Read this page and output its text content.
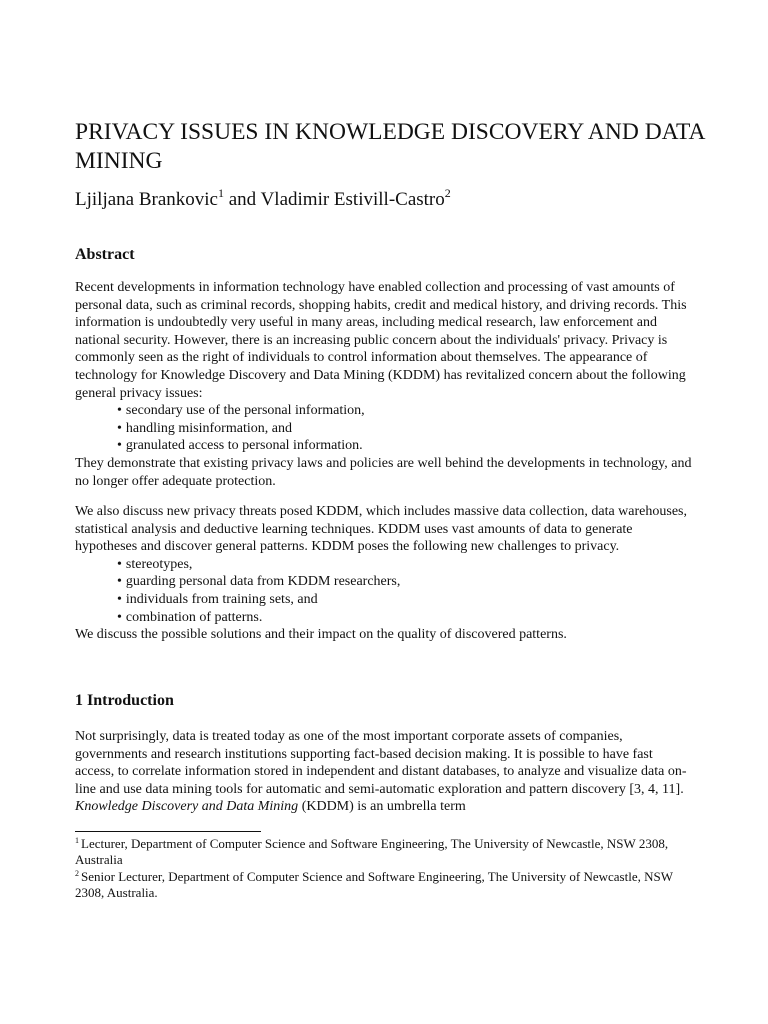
PRIVACY ISSUES IN KNOWLEDGE DISCOVERY AND DATA MINING
Ljiljana Brankovic$^1$ and Vladimir Estivill-Castro$^2$
Abstract

Recent developments in information technology have enabled collection and processing of vast amounts of personal data, such as criminal records, shopping habits, credit and medical history, and driving records. This information is undoubtedly very useful in many areas, including medical research, law enforcement and national security. However, there is an increasing public concern about the individuals' privacy. Privacy is commonly seen as the right of individuals to control information about themselves. The appearance of technology for Knowledge Discovery and Data Mining (KDDM) has revitalized concern about the following general privacy issues:

• secondary use of the personal information,
• handling misinformation, and
• granulated access to personal information.

They demonstrate that existing privacy laws and policies are well behind the developments in technology, and no longer offer adequate protection.

We also discuss new privacy threats posed KDDM, which includes massive data collection, data warehouses, statistical analysis and deductive learning techniques. KDDM uses vast amounts of data to generate hypotheses and discover general patterns. KDDM poses the following new challenges to privacy.

• stereotypes,
• guarding personal data from KDDM researchers,
• individuals from training sets, and
• combination of patterns.

We discuss the possible solutions and their impact on the quality of discovered patterns.

1 Introduction

Not surprisingly, data is treated today as one of the most important corporate assets of companies, governments and research institutions supporting fact-based decision making. It is possible to have fast access, to correlate information stored in independent and distant databases, to analyze and visualize data on-line and use data mining tools for automatic and semi-automatic exploration and pattern discovery [3, 4, 11]. Knowledge Discovery and Data Mining (KDDM) is an umbrella term

$^1$ Lecturer, Department of Computer Science and Software Engineering, The University of Newcastle, NSW 2308, Australia

$^2$ Senior Lecturer, Department of Computer Science and Software Engineering, The University of Newcastle, NSW 2308, Australia.
